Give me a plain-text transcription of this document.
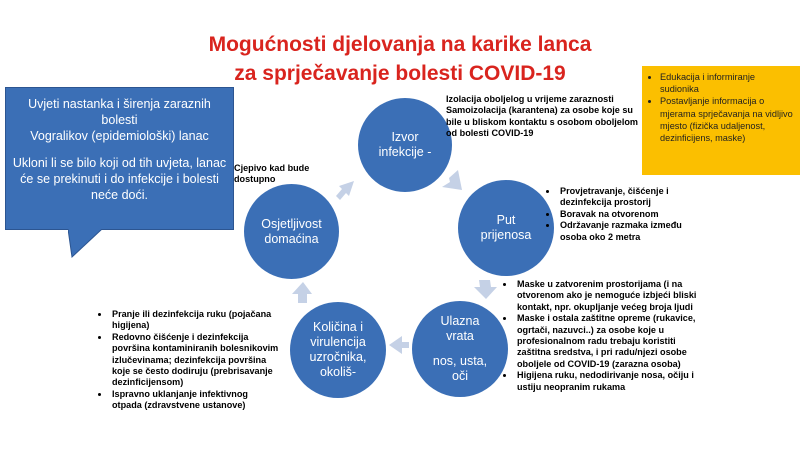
Mogućnosti djelovanja na karike lanca
za sprječavanje bolesti COVID-19

Uvjeti nastanka i širenja zaraznih bolesti

Vogralikov (epidemiološki) lanac

Ukloni li se bilo koji od tih uvjeta, lanac će se prekinuti i do infekcije i bolesti neće doći.

• Edukacija i informiranje sudionika
• Postavljanje informacija o mjerama sprječavanja na vidljivo mjesto (fizička udaljenost, dezinficijens, maske)
Izvor
infekcije -
Put
prijenosa
Ulazna
vrata
nos, usta,
oči
Količina i
virulencija
uzročnika,
okoliš-
Osjetljivost
domaćina
Izolacija oboljelog u vrijeme zaraznosti Samoizolacija (karantena) za osobe koje su bile u bliskom kontaktu s osobom oboljelom od bolesti COVID-19
Cjepivo kad bude dostupno
• Provjetravanje, čišćenje i dezinfekcija prostorij
• Boravak na otvorenom
• Održavanje razmaka između osoba oko 2 metra
• Maske u zatvorenim prostorijama (i na otvorenom ako je nemoguće izbjeći bliski kontakt, npr. okupljanje većeg broja ljudi
• Maske i ostala zaštitne opreme (rukavice, ogrtači, nazuvci..) za osobe koje u profesionalnom radu trebaju koristiti zaštitna sredstva, i pri radu/njezi osobe oboljele od COVID-19 (zarazna osoba)
• Higijena ruku, nedodirivanje nosa, očiju i ustiju neopranim rukama
• Pranje ili dezinfekcija ruku (pojačana higijena)
• Redovno čišćenje i dezinfekcija površina kontaminiranih bolesnikovim izlučevinama; dezinfekcija površina koje se često dodiruju (prebrisavanje dezinficijensom)
• Ispravno uklanjanje infektivnog otpada (zdravstvene ustanove)
